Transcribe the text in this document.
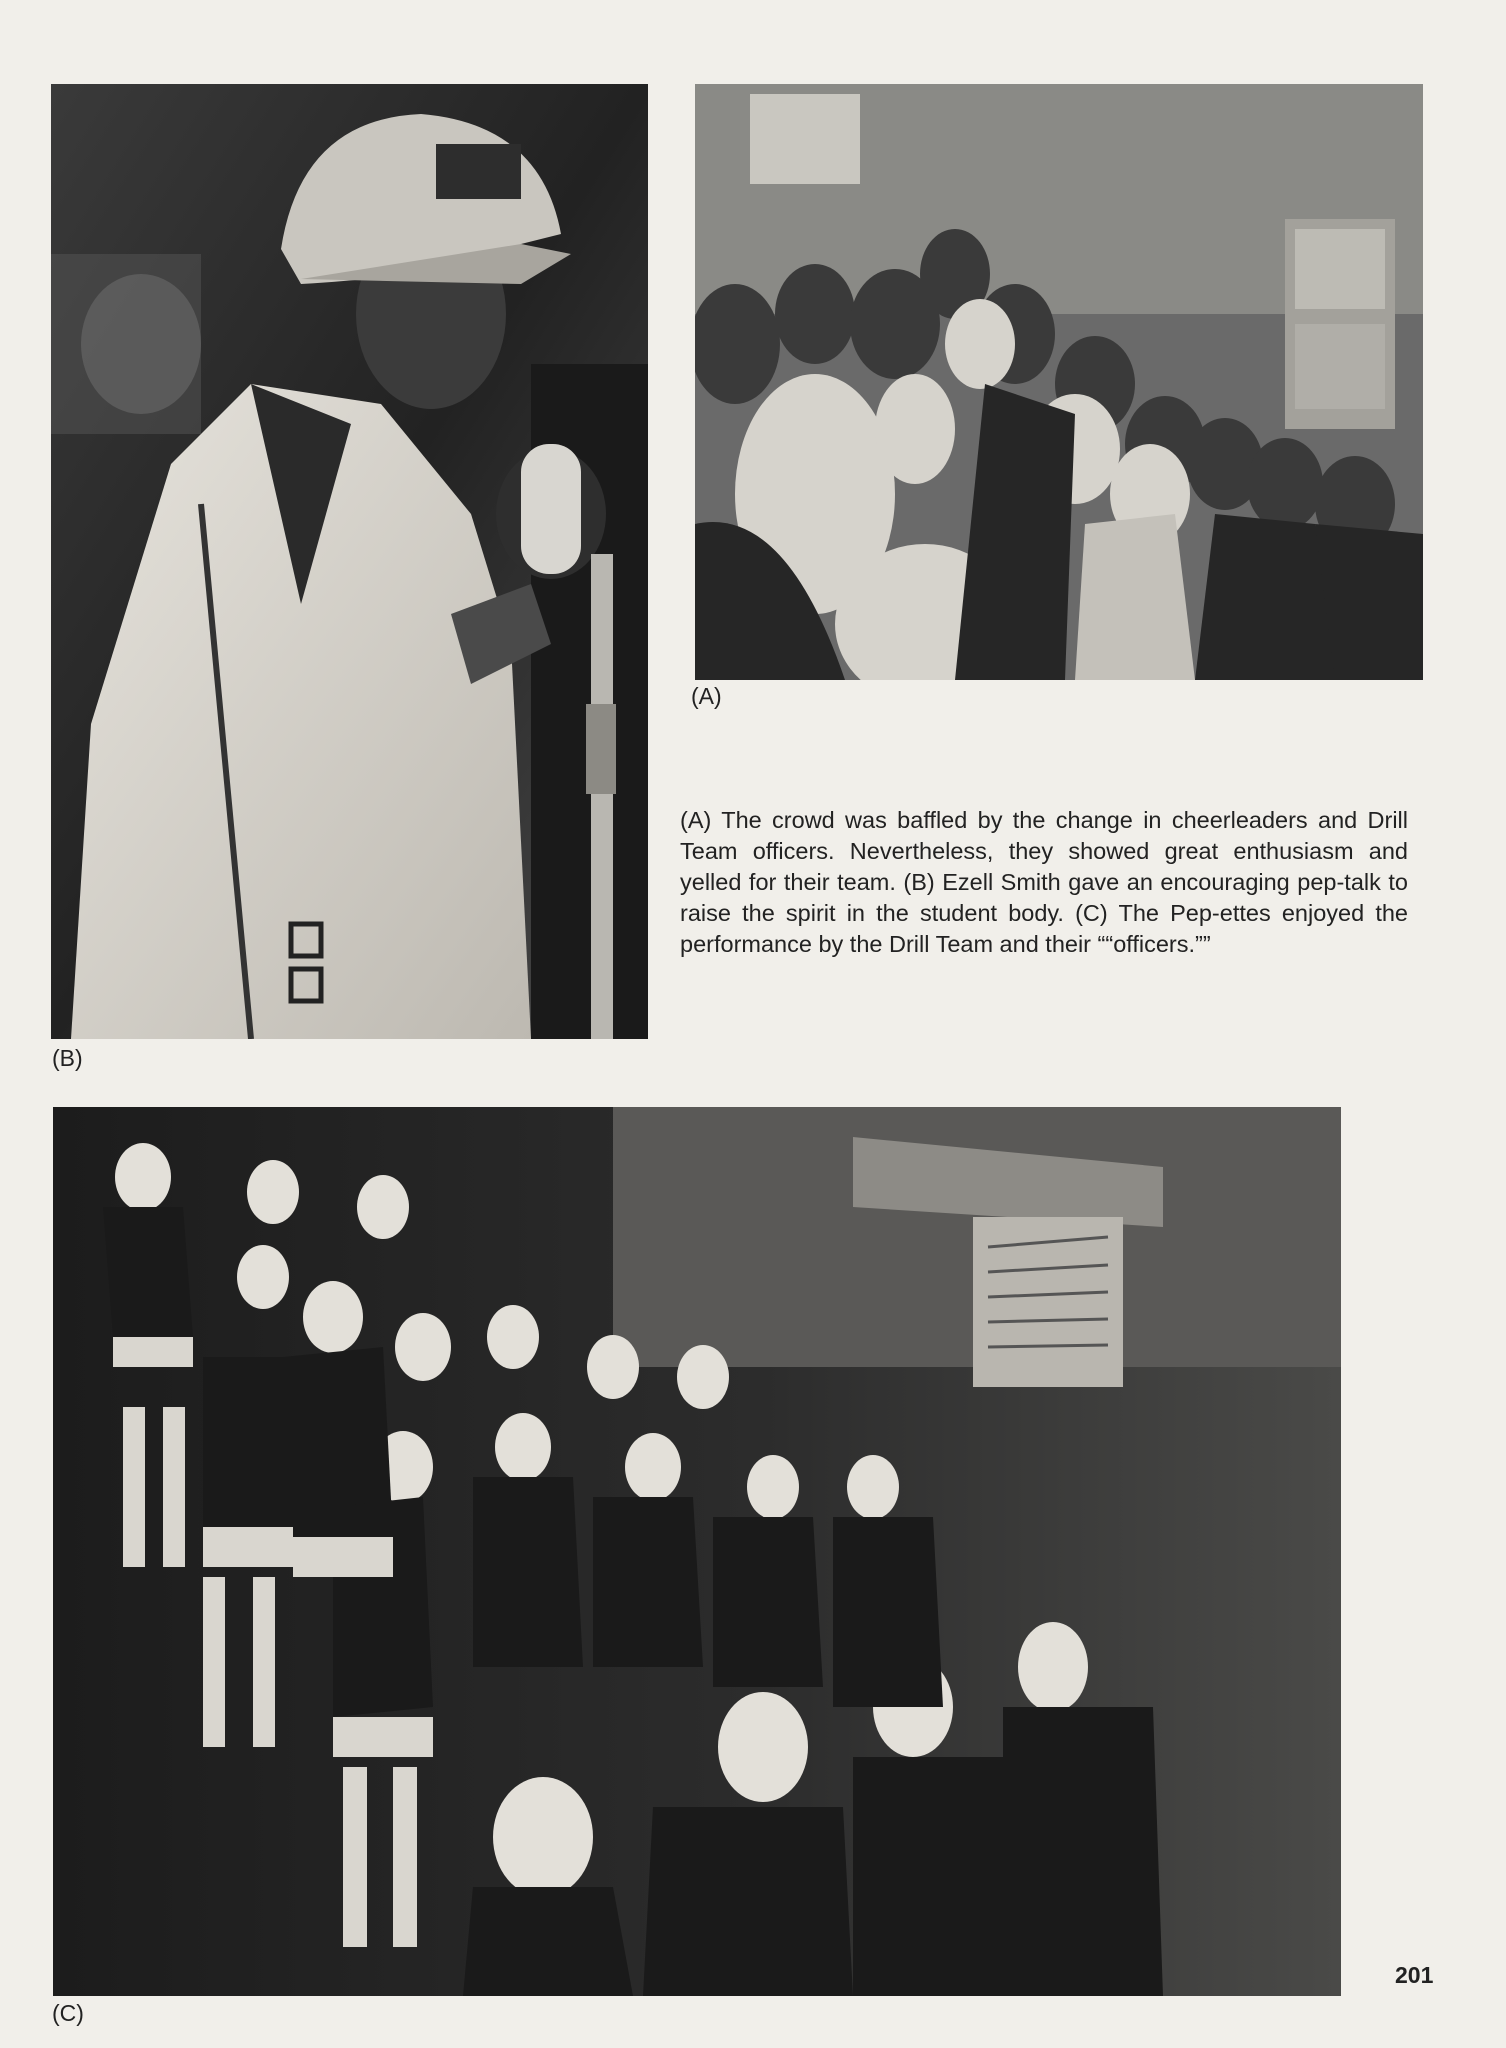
(A)
(B)
(C)

(A) The crowd was baffled by the change in cheerleaders and Drill Team officers. Nevertheless, they showed great enthusiasm and yelled for their team. (B) Ezell Smith gave an encouraging pep-talk to raise the spirit in the student body. (C) The Pep-ettes enjoyed the performance by the Drill Team and their ““officers.””

201
